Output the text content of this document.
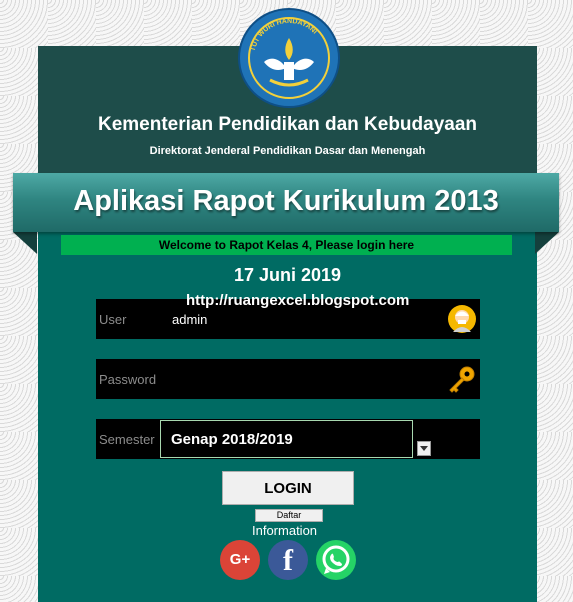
TUT WURI HANDAYANI
Kementerian Pendidikan dan Kebudayaan
Direktorat Jenderal Pendidikan Dasar dan Menengah
Aplikasi Rapot Kurikulum 2013
Welcome to Rapot Kelas 4, Please login here
17 Juni 2019
User	admin
http://ruangexcel.blogspot.com
Password
Semester Genap 2018/2019
LOGIN
Daftar
Information
G+	f
